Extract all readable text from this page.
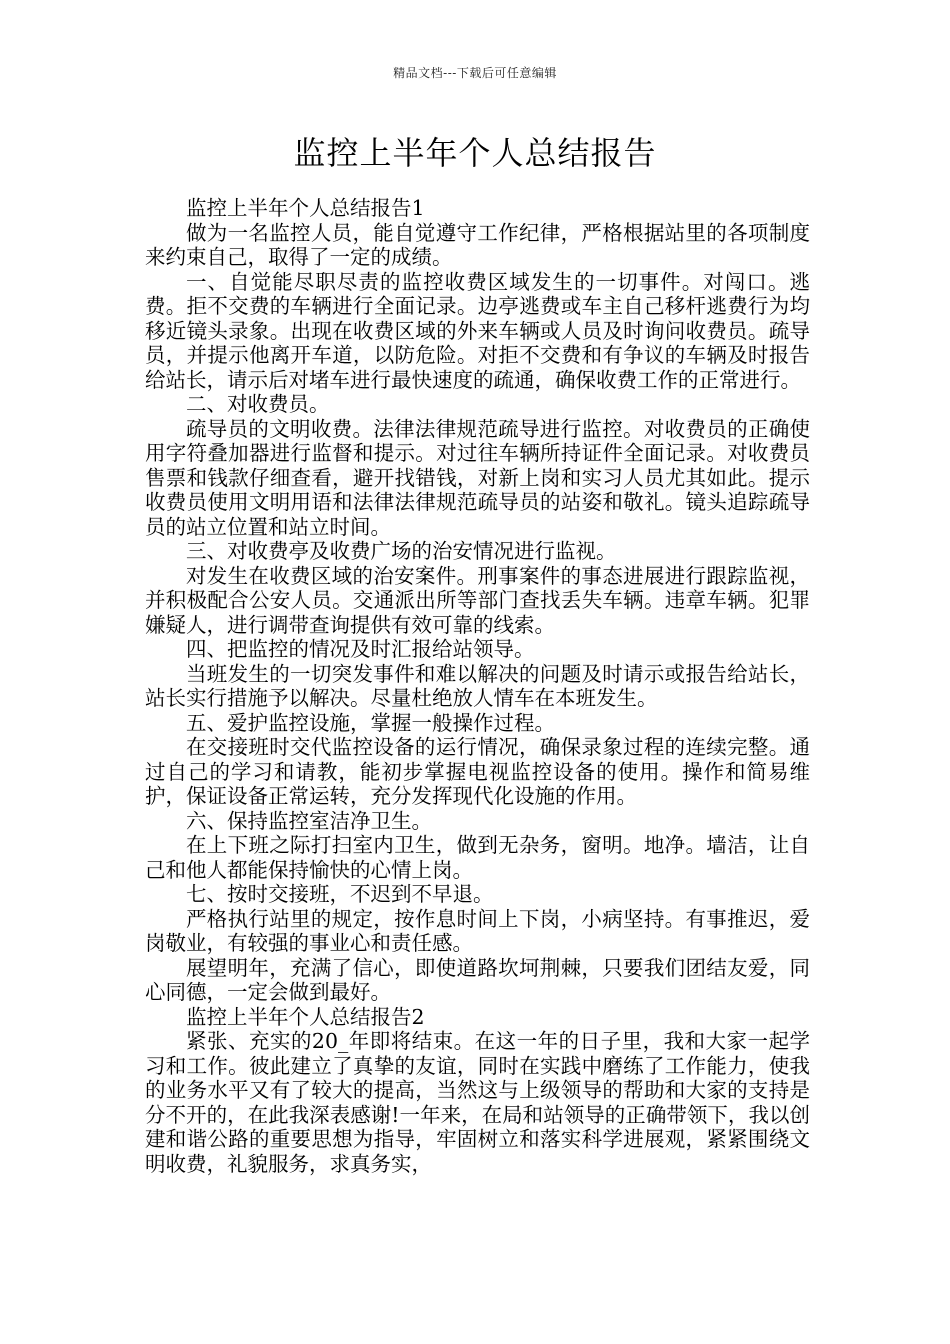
精品文档---下载后可任意编辑
监控上半年个人总结报告

监控上半年个人总结报告1

做为一名监控人员，能自觉遵守工作纪律，严格根据站里的各项制度来约束自己，取得了一定的成绩。

一、自觉能尽职尽责的监控收费区域发生的一切事件。对闯口。逃费。拒不交费的车辆进行全面记录。边亭逃费或车主自己移杆逃费行为均移近镜头录象。出现在收费区域的外来车辆或人员及时询问收费员。疏导员，并提示他离开车道，以防危险。对拒不交费和有争议的车辆及时报告给站长，请示后对堵车进行最快速度的疏通，确保收费工作的正常进行。

二、对收费员。

疏导员的文明收费。法律法律规范疏导进行监控。对收费员的正确使用字符叠加器进行监督和提示。对过往车辆所持证件全面记录。对收费员售票和钱款仔细查看，避开找错钱，对新上岗和实习人员尤其如此。提示收费员使用文明用语和法律法律规范疏导员的站姿和敬礼。镜头追踪疏导员的站立位置和站立时间。

三、对收费亭及收费广场的治安情况进行监视。

对发生在收费区域的治安案件。刑事案件的事态进展进行跟踪监视，并积极配合公安人员。交通派出所等部门查找丢失车辆。违章车辆。犯罪嫌疑人，进行调带查询提供有效可靠的线索。

四、把监控的情况及时汇报给站领导。

当班发生的一切突发事件和难以解决的问题及时请示或报告给站长，站长实行措施予以解决。尽量杜绝放人情车在本班发生。

五、爱护监控设施，掌握一般操作过程。

在交接班时交代监控设备的运行情况，确保录象过程的连续完整。通过自己的学习和请教，能初步掌握电视监控设备的使用。操作和简易维护，保证设备正常运转，充分发挥现代化设施的作用。

六、保持监控室洁净卫生。

在上下班之际打扫室内卫生，做到无杂务，窗明。地净。墙洁，让自己和他人都能保持愉快的心情上岗。

七、按时交接班，不迟到不早退。

严格执行站里的规定，按作息时间上下岗，小病坚持。有事推迟，爱岗敬业，有较强的事业心和责任感。

展望明年，充满了信心，即使道路坎坷荆棘，只要我们团结友爱，同心同德，一定会做到最好。

监控上半年个人总结报告2

紧张、充实的20_年即将结束。在这一年的日子里，我和大家一起学习和工作。彼此建立了真挚的友谊，同时在实践中磨练了工作能力，使我的业务水平又有了较大的提高，当然这与上级领导的帮助和大家的支持是分不开的，在此我深表感谢!一年来，在局和站领导的正确带领下，我以创建和谐公路的重要思想为指导，牢固树立和落实科学进展观，紧紧围绕文明收费，礼貌服务，求真务实，
